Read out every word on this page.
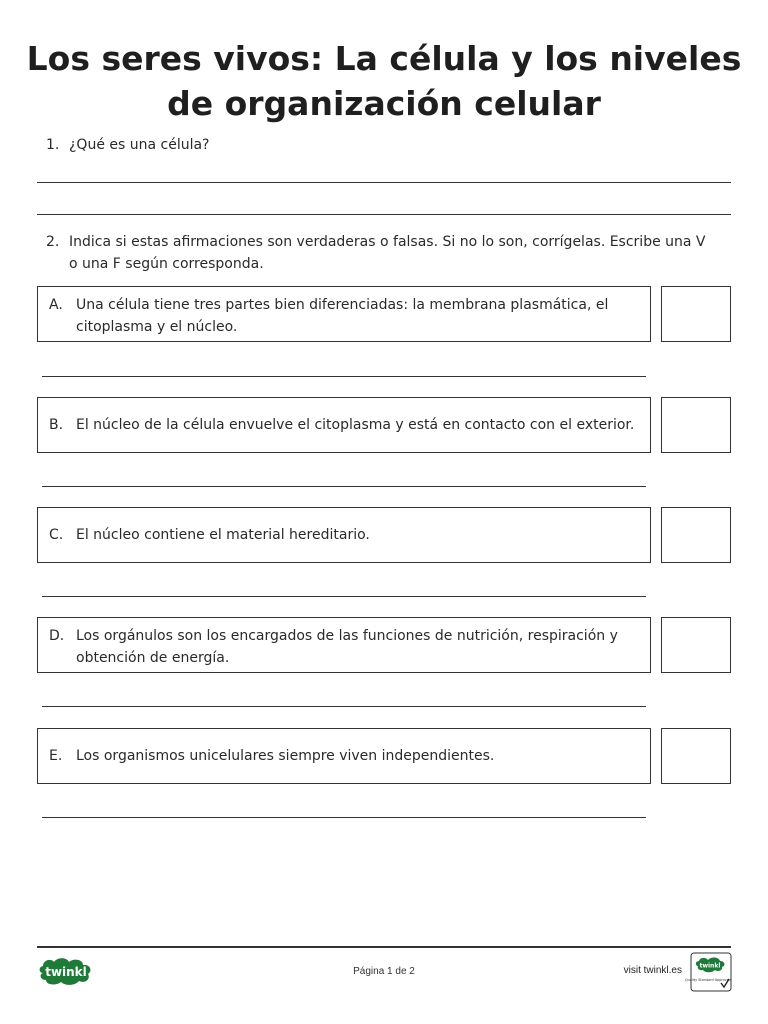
Los seres vivos: La célula y los niveles de organización celular
1. ¿Qué es una célula?
2. Indica si estas afirmaciones son verdaderas o falsas. Si no lo son, corrígelas. Escribe una V
o una F según corresponda.
A. Una célula tiene tres partes bien diferenciadas: la membrana plasmática, el
citoplasma y el núcleo.
B. El núcleo de la célula envuelve el citoplasma y está en contacto con el exterior.
C. El núcleo contiene el material hereditario.
D. Los orgánulos son los encargados de las funciones de nutrición, respiración y
obtención de energía.
E. Los organismos unicelulares siempre viven independientes.
twinkl	Página 1 de 2	visit twinkl.es	twinkl
Quality Standard Approved
